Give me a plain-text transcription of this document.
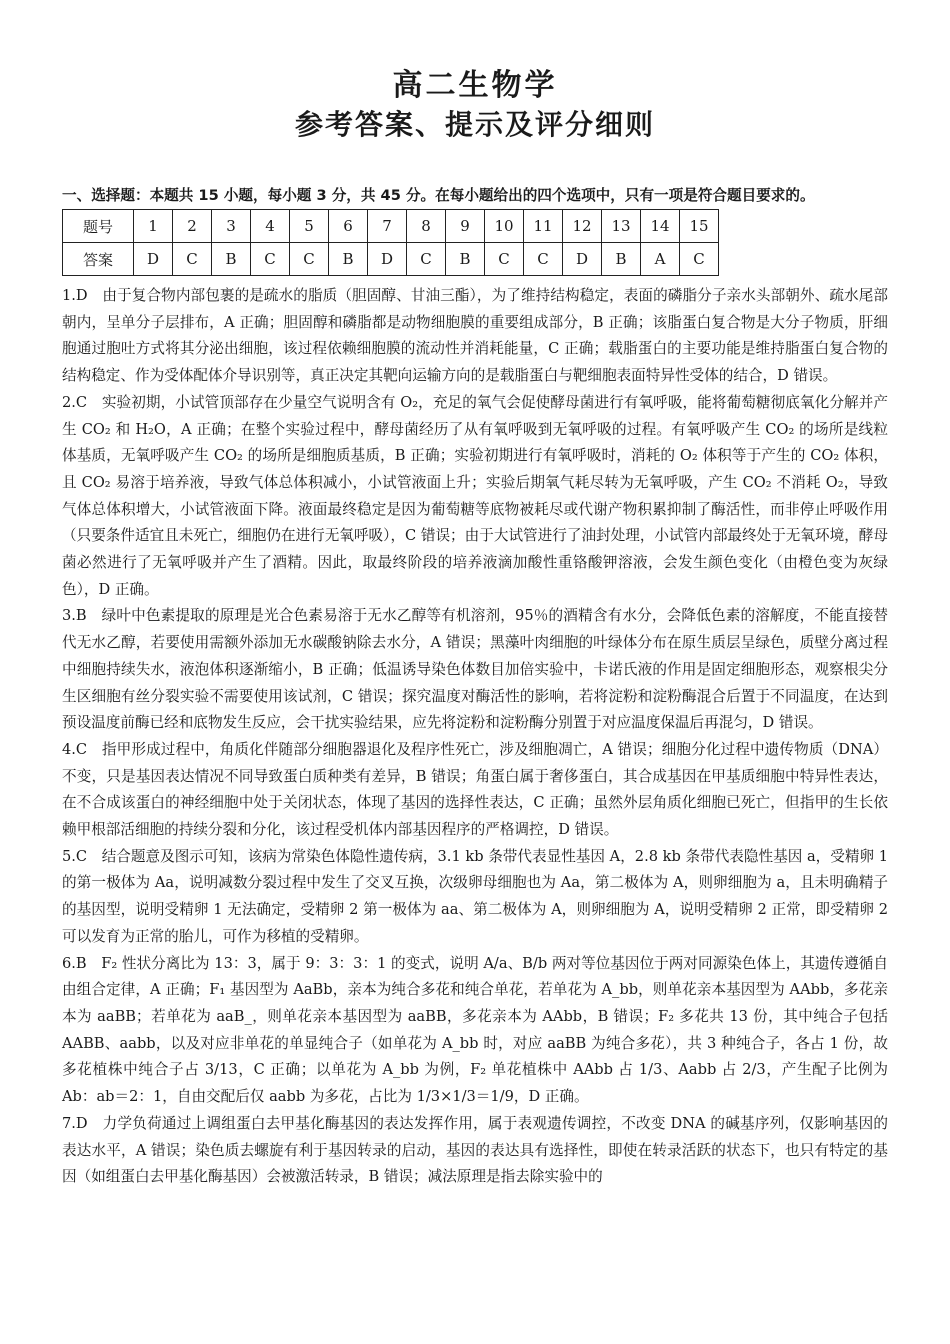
高二生物学
参考答案、提示及评分细则
一、选择题：本题共 15 小题，每小题 3 分，共 45 分。在每小题给出的四个选项中，只有一项是符合题目要求的。
题号	1	2	3	4	5	6	7	8	9	10	11	12	13	14	15
答案	D	C	B	C	C	B	D	C	B	C	C	D	B	A	C

1.D　由于复合物内部包裹的是疏水的脂质（胆固醇、甘油三酯），为了维持结构稳定，表面的磷脂分子亲水头部朝外、疏水尾部朝内，呈单分子层排布，A 正确；胆固醇和磷脂都是动物细胞膜的重要组成部分，B 正确；该脂蛋白复合物是大分子物质，肝细胞通过胞吐方式将其分泌出细胞，该过程依赖细胞膜的流动性并消耗能量，C 正确；载脂蛋白的主要功能是维持脂蛋白复合物的结构稳定、作为受体配体介导识别等，真正决定其靶向运输方向的是载脂蛋白与靶细胞表面特异性受体的结合，D 错误。

2.C　实验初期，小试管顶部存在少量空气说明含有 O₂，充足的氧气会促使酵母菌进行有氧呼吸，能将葡萄糖彻底氧化分解并产生 CO₂ 和 H₂O，A 正确；在整个实验过程中，酵母菌经历了从有氧呼吸到无氧呼吸的过程。有氧呼吸产生 CO₂ 的场所是线粒体基质，无氧呼吸产生 CO₂ 的场所是细胞质基质，B 正确；实验初期进行有氧呼吸时，消耗的 O₂ 体积等于产生的 CO₂ 体积，且 CO₂ 易溶于培养液，导致气体总体积减小，小试管液面上升；实验后期氧气耗尽转为无氧呼吸，产生 CO₂ 不消耗 O₂，导致气体总体积增大，小试管液面下降。液面最终稳定是因为葡萄糖等底物被耗尽或代谢产物积累抑制了酶活性，而非停止呼吸作用（只要条件适宜且未死亡，细胞仍在进行无氧呼吸），C 错误；由于大试管进行了油封处理，小试管内部最终处于无氧环境，酵母菌必然进行了无氧呼吸并产生了酒精。因此，取最终阶段的培养液滴加酸性重铬酸钾溶液，会发生颜色变化（由橙色变为灰绿色），D 正确。

3.B　绿叶中色素提取的原理是光合色素易溶于无水乙醇等有机溶剂，95％的酒精含有水分，会降低色素的溶解度，不能直接替代无水乙醇，若要使用需额外添加无水碳酸钠除去水分，A 错误；黑藻叶肉细胞的叶绿体分布在原生质层呈绿色，质壁分离过程中细胞持续失水，液泡体积逐渐缩小，B 正确；低温诱导染色体数目加倍实验中，卡诺氏液的作用是固定细胞形态，观察根尖分生区细胞有丝分裂实验不需要使用该试剂，C 错误；探究温度对酶活性的影响，若将淀粉和淀粉酶混合后置于不同温度，在达到预设温度前酶已经和底物发生反应，会干扰实验结果，应先将淀粉和淀粉酶分别置于对应温度保温后再混匀，D 错误。

4.C　指甲形成过程中，角质化伴随部分细胞器退化及程序性死亡，涉及细胞凋亡，A 错误；细胞分化过程中遗传物质（DNA）不变，只是基因表达情况不同导致蛋白质种类有差异，B 错误；角蛋白属于奢侈蛋白，其合成基因在甲基质细胞中特异性表达，在不合成该蛋白的神经细胞中处于关闭状态，体现了基因的选择性表达，C 正确；虽然外层角质化细胞已死亡，但指甲的生长依赖甲根部活细胞的持续分裂和分化，该过程受机体内部基因程序的严格调控，D 错误。

5.C　结合题意及图示可知，该病为常染色体隐性遗传病，3.1 kb 条带代表显性基因 A，2.8 kb 条带代表隐性基因 a，受精卵 1 的第一极体为 Aa，说明减数分裂过程中发生了交叉互换，次级卵母细胞也为 Aa，第二极体为 A，则卵细胞为 a，且未明确精子的基因型，说明受精卵 1 无法确定，受精卵 2 第一极体为 aa、第二极体为 A，则卵细胞为 A，说明受精卵 2 正常，即受精卵 2 可以发育为正常的胎儿，可作为移植的受精卵。

6.B　F₂ 性状分离比为 13：3，属于 9：3：3：1 的变式，说明 A/a、B/b 两对等位基因位于两对同源染色体上，其遗传遵循自由组合定律，A 正确；F₁ 基因型为 AaBb，亲本为纯合多花和纯合单花，若单花为 A_bb，则单花亲本基因型为 AAbb，多花亲本为 aaBB；若单花为 aaB_，则单花亲本基因型为 aaBB，多花亲本为 AAbb，B 错误；F₂ 多花共 13 份，其中纯合子包括 AABB、aabb，以及对应非单花的单显纯合子（如单花为 A_bb 时，对应 aaBB 为纯合多花），共 3 种纯合子，各占 1 份，故多花植株中纯合子占 3/13，C 正确；以单花为 A_bb 为例，F₂ 单花植株中 AAbb 占 1/3、Aabb 占 2/3，产生配子比例为 Ab：ab＝2：1，自由交配后仅 aabb 为多花，占比为 1/3×1/3＝1/9，D 正确。

7.D　力学负荷通过上调组蛋白去甲基化酶基因的表达发挥作用，属于表观遗传调控，不改变 DNA 的碱基序列，仅影响基因的表达水平，A 错误；染色质去螺旋有利于基因转录的启动，基因的表达具有选择性，即使在转录活跃的状态下，也只有特定的基因（如组蛋白去甲基化酶基因）会被激活转录，B 错误；减法原理是指去除实验中的
